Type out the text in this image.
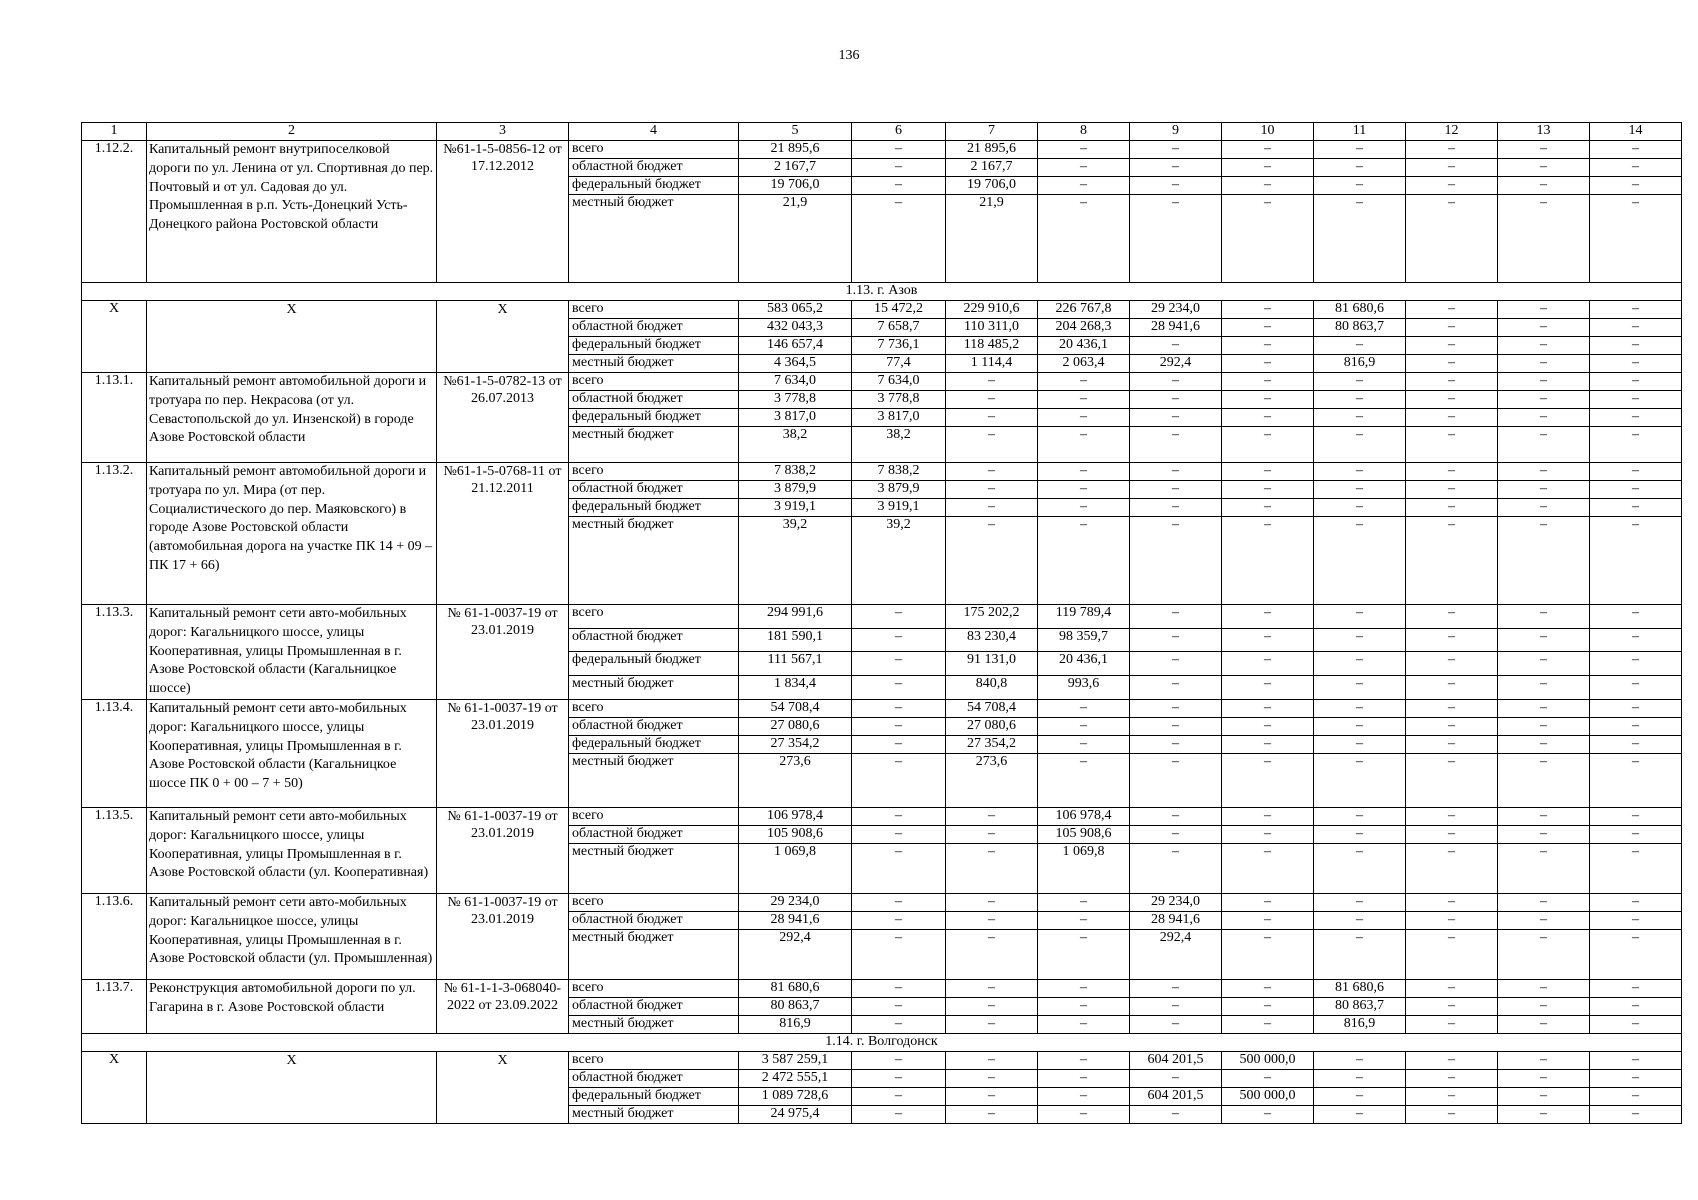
136
1	2	3	4	5	6	7	8	9	10	11	12	13	14
1.12.2.	Капитальный ремонт внутрипоселковой дороги по ул. Ленина от ул. Спортивная до пер. Почтовый и от ул. Садовая до ул. Промышленная в р.п. Усть-Донецкий Усть-Донецкого района Ростовской области	№61-1-5-0856-12 от 17.12.2012	всего	21 895,6	–	21 895,6	–	–	–	–	–	–	–
			областной бюджет	2 167,7	–	2 167,7	–	–	–	–	–	–	–
			федеральный бюджет	19 706,0	–	19 706,0	–	–	–	–	–	–	–
			местный бюджет	21,9	–	21,9	–	–	–	–	–	–	–
1.13. г. Азов													
Х	Х	Х	всего	583 065,2	15 472,2	229 910,6	226 767,8	29 234,0	–	81 680,6	–	–	–
			областной бюджет	432 043,3	7 658,7	110 311,0	204 268,3	28 941,6	–	80 863,7	–	–	–
			федеральный бюджет	146 657,4	7 736,1	118 485,2	20 436,1	–	–	–	–	–	–
			местный бюджет	4 364,5	77,4	1 114,4	2 063,4	292,4	–	816,9	–	–	–
1.13.1.	Капитальный ремонт автомобильной дороги и тротуара по пер. Некрасова (от ул. Севастопольской до ул. Инзенской) в городе Азове Ростовской области	№61-1-5-0782-13 от 26.07.2013	всего	7 634,0	7 634,0	–	–	–	–	–	–	–	–
			областной бюджет	3 778,8	3 778,8	–	–	–	–	–	–	–	–
			федеральный бюджет	3 817,0	3 817,0	–	–	–	–	–	–	–	–
			местный бюджет	38,2	38,2	–	–	–	–	–	–	–	–
1.13.2.	Капитальный ремонт автомобильной дороги и тротуара по ул. Мира (от пер. Социалистического до пер. Маяковского) в городе Азове Ростовской области (автомобильная дорога на участке ПК 14 + 09 – ПК 17 + 66)	№61-1-5-0768-11 от 21.12.2011	всего	7 838,2	7 838,2	–	–	–	–	–	–	–	–
			областной бюджет	3 879,9	3 879,9	–	–	–	–	–	–	–	–
			федеральный бюджет	3 919,1	3 919,1	–	–	–	–	–	–	–	–
			местный бюджет	39,2	39,2	–	–	–	–	–	–	–	–
1.13.3.	Капитальный ремонт сети авто-мобильных дорог: Кагальницкого шоссе, улицы Кооперативная, улицы Промышленная в г. Азове Ростовской области (Кагальницкое шоссе)	№ 61-1-0037-19 от 23.01.2019	всего	294 991,6	–	175 202,2	119 789,4	–	–	–	–	–	–
			областной бюджет	181 590,1	–	83 230,4	98 359,7	–	–	–	–	–	–
			федеральный бюджет	111 567,1	–	91 131,0	20 436,1	–	–	–	–	–	–
			местный бюджет	1 834,4	–	840,8	993,6	–	–	–	–	–	–
1.13.4.	Капитальный ремонт сети авто-мобильных дорог: Кагальницкого шоссе, улицы Кооперативная, улицы Промышленная в г. Азове Ростовской области (Кагальницкое шоссе ПК 0 + 00 – 7 + 50)	№ 61-1-0037-19 от 23.01.2019	всего	54 708,4	–	54 708,4	–	–	–	–	–	–	–
			областной бюджет	27 080,6	–	27 080,6	–	–	–	–	–	–	–
			федеральный бюджет	27 354,2	–	27 354,2	–	–	–	–	–	–	–
			местный бюджет	273,6	–	273,6	–	–	–	–	–	–	–
1.13.5.	Капитальный ремонт сети авто-мобильных дорог: Кагальницкого шоссе, улицы Кооперативная, улицы Промышленная в г. Азове Ростовской области (ул. Кооперативная)	№ 61-1-0037-19 от 23.01.2019	всего	106 978,4	–	–	106 978,4	–	–	–	–	–	–
			областной бюджет	105 908,6	–	–	105 908,6	–	–	–	–	–	–
			местный бюджет	1 069,8	–	–	1 069,8	–	–	–	–	–	–
1.13.6.	Капитальный ремонт сети авто-мобильных дорог: Кагальницкое шоссе, улицы Кооперативная, улицы Промышленная в г. Азове Ростовской области (ул. Промышленная)	№ 61-1-0037-19 от 23.01.2019	всего	29 234,0	–	–	–	29 234,0	–	–	–	–	–
			областной бюджет	28 941,6	–	–	–	28 941,6	–	–	–	–	–
			местный бюджет	292,4	–	–	–	292,4	–	–	–	–	–
1.13.7.	Реконструкция автомобильной дороги по ул. Гагарина в г. Азове Ростовской области	№ 61-1-1-3-068040-2022 от 23.09.2022	всего	81 680,6	–	–	–	–	–	81 680,6	–	–	–
			областной бюджет	80 863,7	–	–	–	–	–	80 863,7	–	–	–
			местный бюджет	816,9	–	–	–	–	–	816,9	–	–	–
1.14. г. Волгодонск													
Х	Х	Х	всего	3 587 259,1	–	–	–	604 201,5	500 000,0	–	–	–	–
			областной бюджет	2 472 555,1	–	–	–	–	–	–	–	–	–
			федеральный бюджет	1 089 728,6	–	–	–	604 201,5	500 000,0	–	–	–	–
			местный бюджет	24 975,4	–	–	–	–	–	–	–	–	–
